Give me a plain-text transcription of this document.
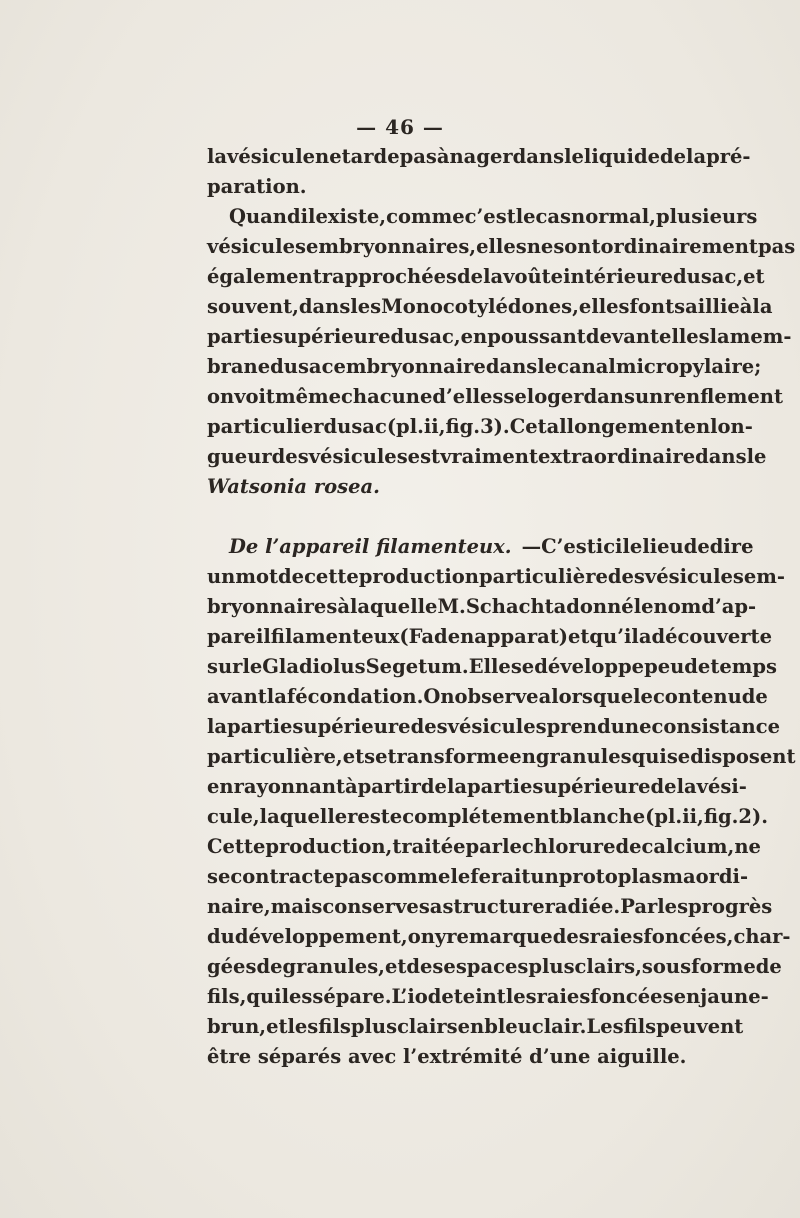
— 46 —
la vésicule ne tarde pas à nager dans le liquide de la pré-
paration.
Quand il existe, comme c’est le cas normal, plusieurs
vésicules embryonnaires, elles ne sont ordinairement pas
également rapprochées de la voûte intérieure du sac, et
souvent, dans les Monocotylédones, elles font saillie à la
partie supérieure du sac, en poussant devant elles la mem-
brane du sac embryonnaire dans le canal micropylaire;
on voit même chacune d’elles se loger dans un renflement
particulier du sac (pl. ii, fig. 3). Cet allongement en lon-
gueur des vésicules est vraiment extraordinaire dans le
Watsonia rosea.
De l’appareil filamenteux. — C’est ici le lieu de dire
un mot de cette production particulière des vésicules em-
bryonnaires à laquelle M. Schacht a donné le nom d’ap-
pareil filamenteux (Fadenapparat) et qu’il a découverte
sur le Gladiolus Segetum. Elle se développe peu de temps
avant la fécondation. On observe alors que le contenu de
la partie supérieure des vésicules prend une consistance
particulière, et se transforme en granules qui se disposent
en rayonnant à partir de la partie supérieure de la vési-
cule, laquelle reste complétement blanche (pl. ii, fig. 2).
Cette production, traitée par le chlorure de calcium, ne
se contracte pas comme le ferait un protoplasma ordi-
naire, mais conserve sa structure radiée. Par les progrès
du développement, on y remarque des raies foncées, char-
gées de granules, et des espaces plus clairs, sous forme de
fils, qui les sépare. L’iode teint les raies foncées en jaune-
brun, et les fils plus clairs en bleu clair. Les fils peuvent
être séparés avec l’extrémité d’une aiguille.
